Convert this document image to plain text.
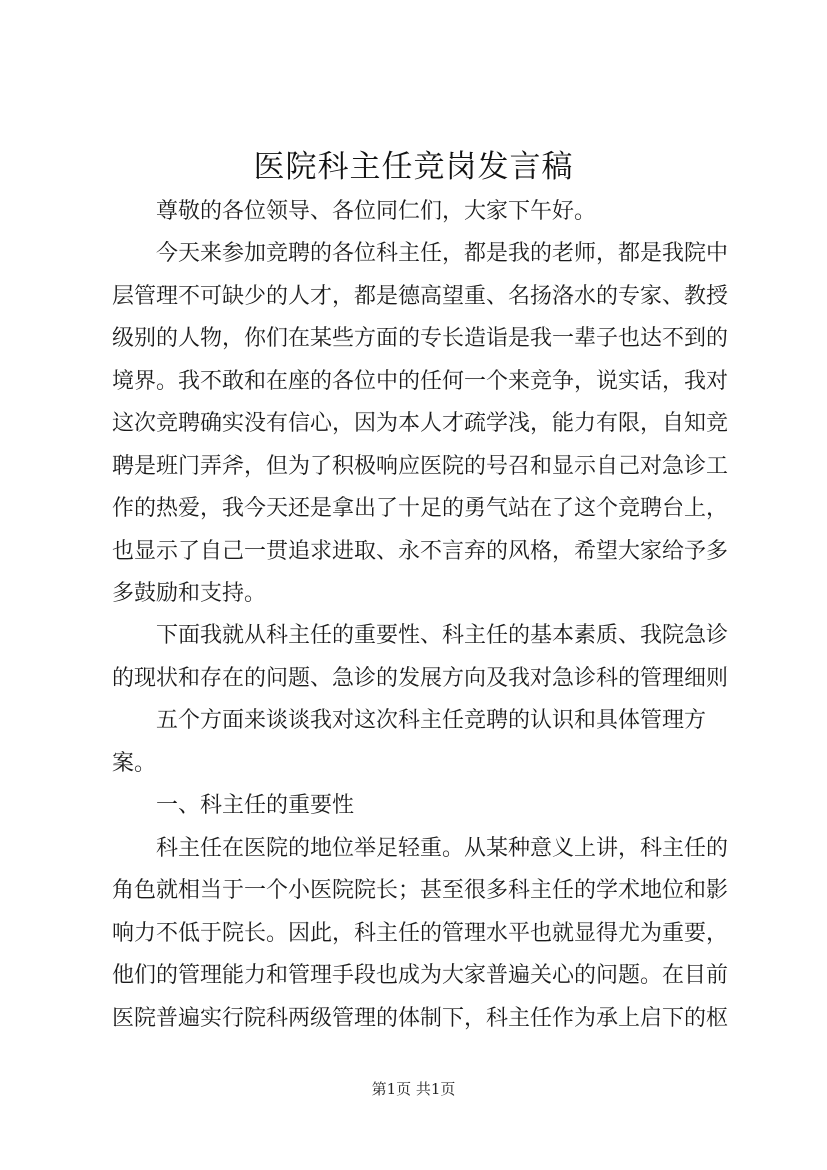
医院科主任竞岗发言稿

尊敬的各位领导、各位同仁们，大家下午好。

今天来参加竞聘的各位科主任，都是我的老师，都是我院中

层管理不可缺少的人才，都是德高望重、名扬洛水的专家、教授

级别的人物，你们在某些方面的专长造诣是我一辈子也达不到的

境界。我不敢和在座的各位中的任何一个来竞争，说实话，我对

这次竞聘确实没有信心，因为本人才疏学浅，能力有限，自知竞

聘是班门弄斧，但为了积极响应医院的号召和显示自己对急诊工

作的热爱，我今天还是拿出了十足的勇气站在了这个竞聘台上，

也显示了自己一贯追求进取、永不言弃的风格，希望大家给予多

多鼓励和支持。

下面我就从科主任的重要性、科主任的基本素质、我院急诊

的现状和存在的问题、急诊的发展方向及我对急诊科的管理细则

五个方面来谈谈我对这次科主任竞聘的认识和具体管理方

案。

一、科主任的重要性

科主任在医院的地位举足轻重。从某种意义上讲，科主任的

角色就相当于一个小医院院长；甚至很多科主任的学术地位和影

响力不低于院长。因此，科主任的管理水平也就显得尤为重要，

他们的管理能力和管理手段也成为大家普遍关心的问题。在目前

医院普遍实行院科两级管理的体制下，科主任作为承上启下的枢

第1页 共1页
